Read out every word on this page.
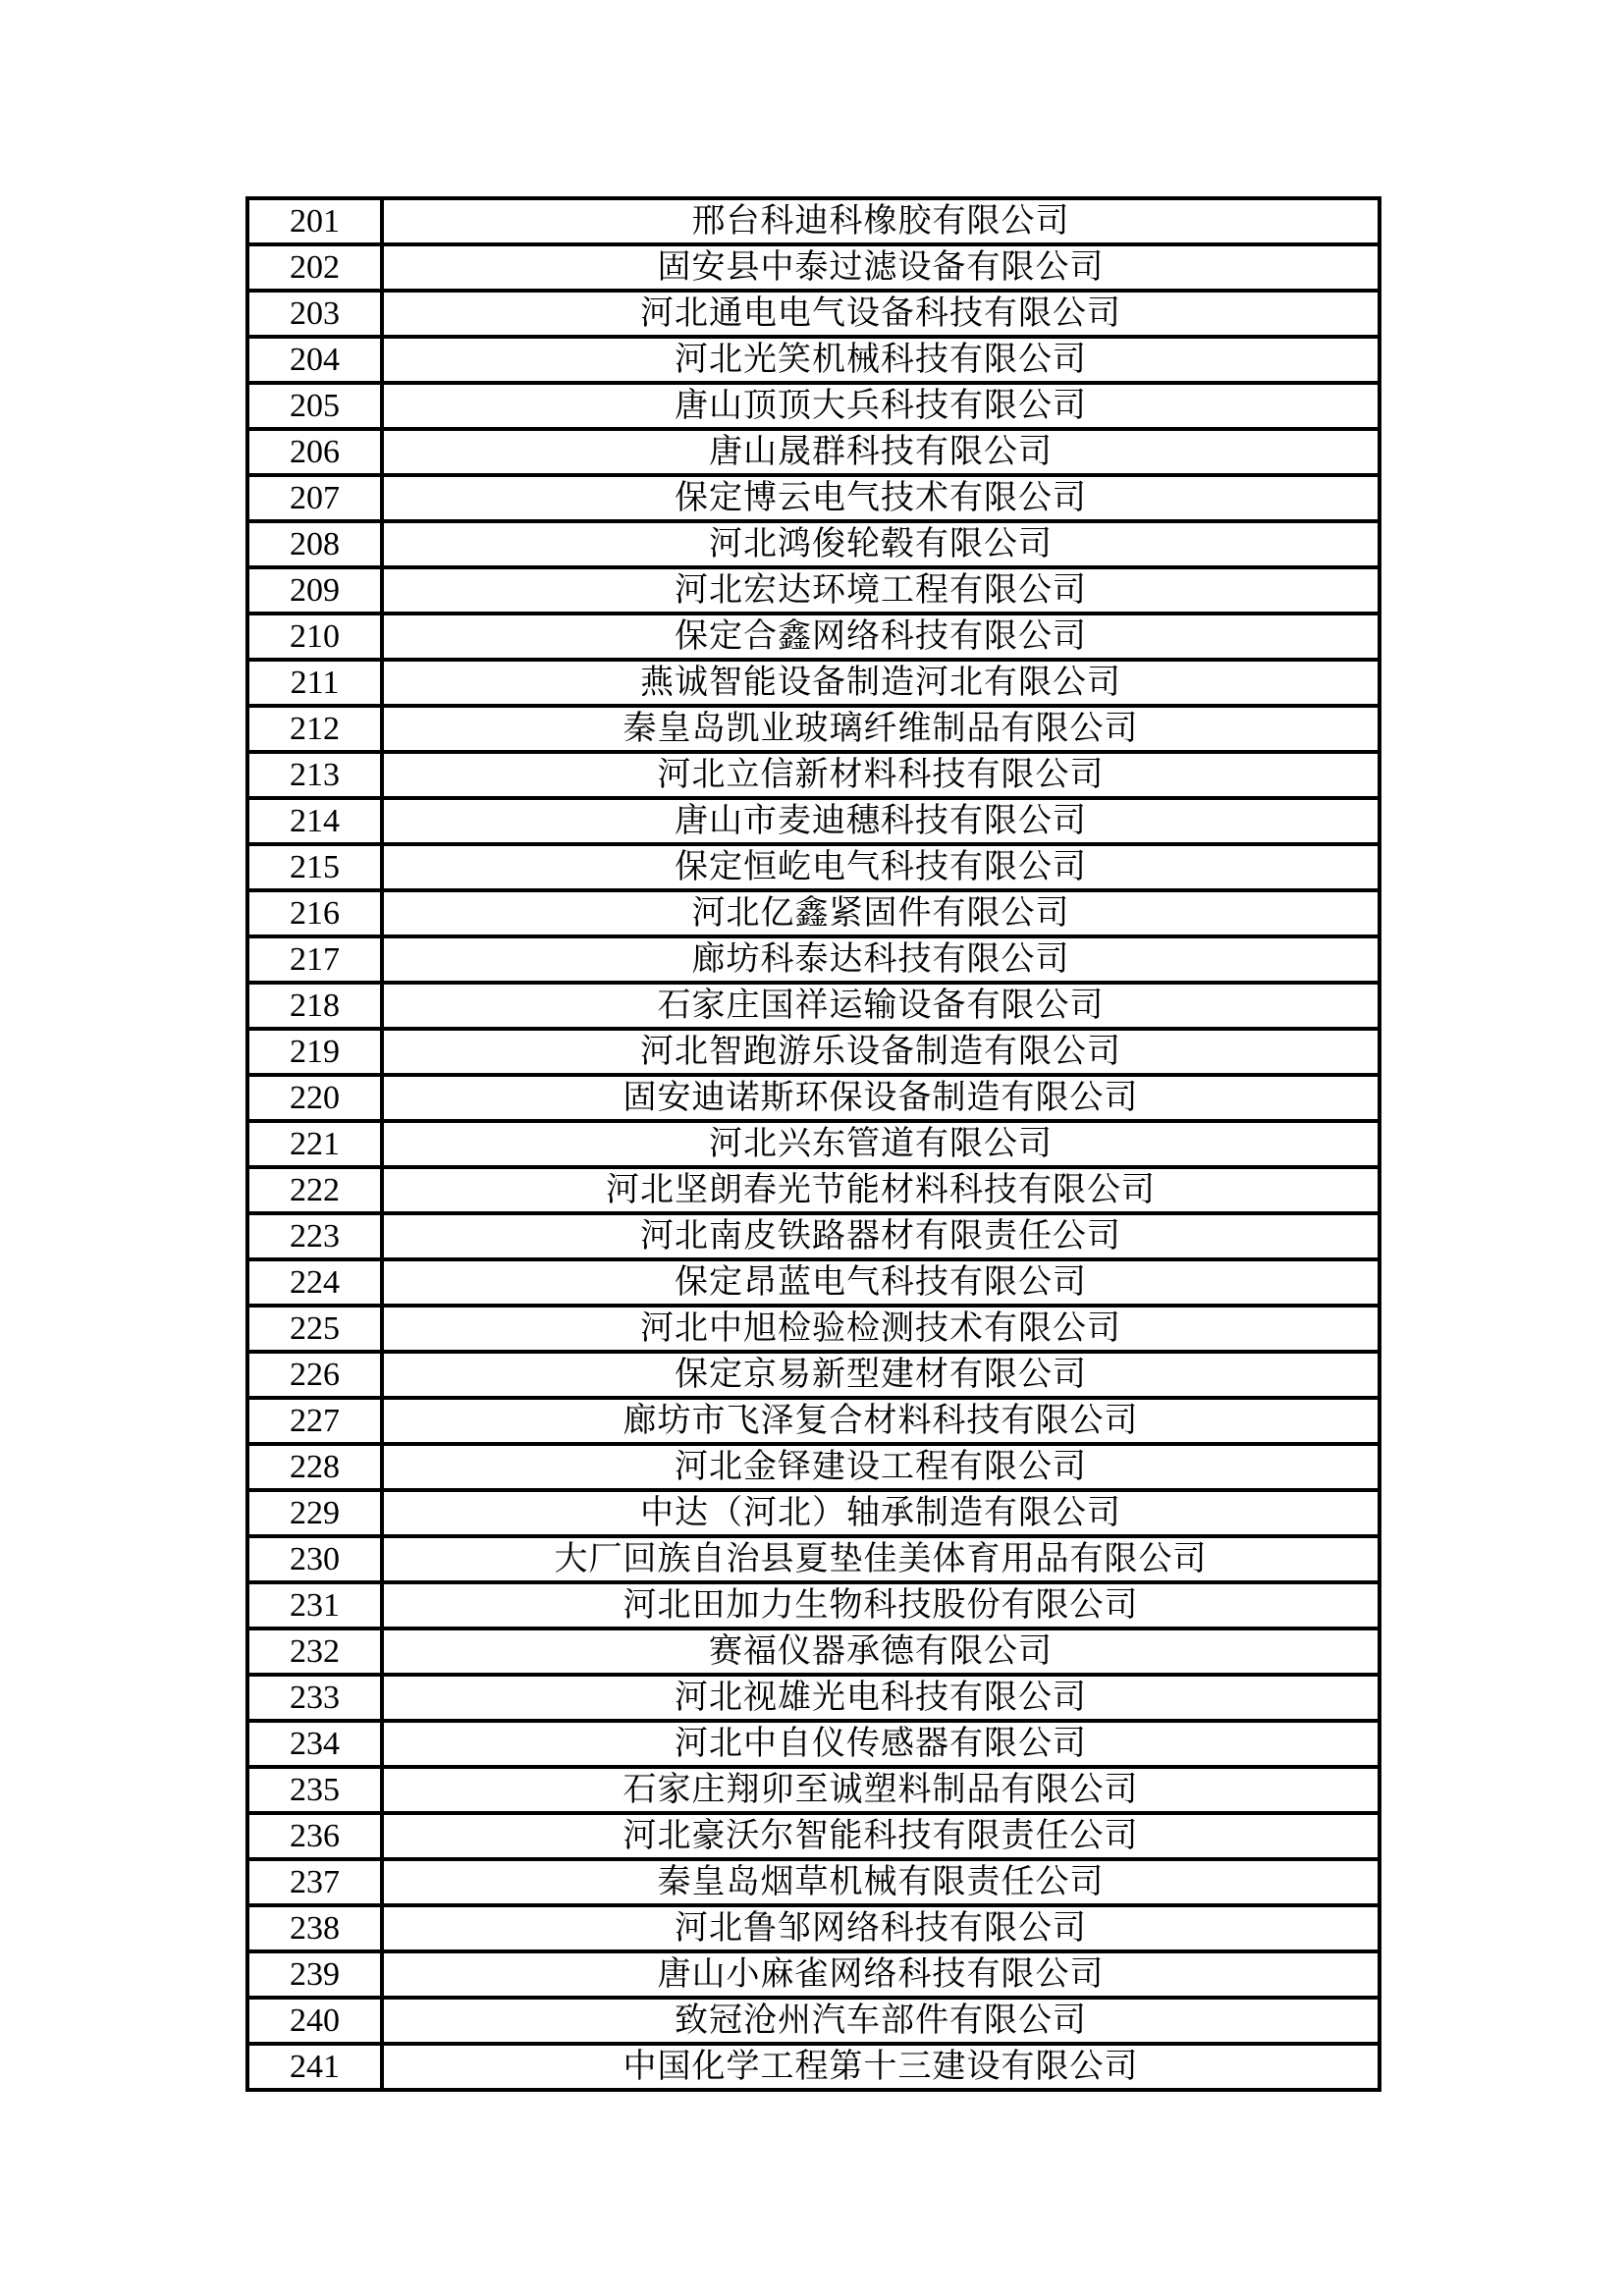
201	邢台科迪科橡胶有限公司
202	固安县中泰过滤设备有限公司
203	河北通电电气设备科技有限公司
204	河北光笑机械科技有限公司
205	唐山顶顶大兵科技有限公司
206	唐山晟群科技有限公司
207	保定博云电气技术有限公司
208	河北鸿俊轮毂有限公司
209	河北宏达环境工程有限公司
210	保定合鑫网络科技有限公司
211	燕诚智能设备制造河北有限公司
212	秦皇岛凯业玻璃纤维制品有限公司
213	河北立信新材料科技有限公司
214	唐山市麦迪穗科技有限公司
215	保定恒屹电气科技有限公司
216	河北亿鑫紧固件有限公司
217	廊坊科泰达科技有限公司
218	石家庄国祥运输设备有限公司
219	河北智跑游乐设备制造有限公司
220	固安迪诺斯环保设备制造有限公司
221	河北兴东管道有限公司
222	河北坚朗春光节能材料科技有限公司
223	河北南皮铁路器材有限责任公司
224	保定昂蓝电气科技有限公司
225	河北中旭检验检测技术有限公司
226	保定京易新型建材有限公司
227	廊坊市飞泽复合材料科技有限公司
228	河北金铎建设工程有限公司
229	中达（河北）轴承制造有限公司
230	大厂回族自治县夏垫佳美体育用品有限公司
231	河北田加力生物科技股份有限公司
232	赛福仪器承德有限公司
233	河北视雄光电科技有限公司
234	河北中自仪传感器有限公司
235	石家庄翔卯至诚塑料制品有限公司
236	河北豪沃尔智能科技有限责任公司
237	秦皇岛烟草机械有限责任公司
238	河北鲁邹网络科技有限公司
239	唐山小麻雀网络科技有限公司
240	致冠沧州汽车部件有限公司
241	中国化学工程第十三建设有限公司
